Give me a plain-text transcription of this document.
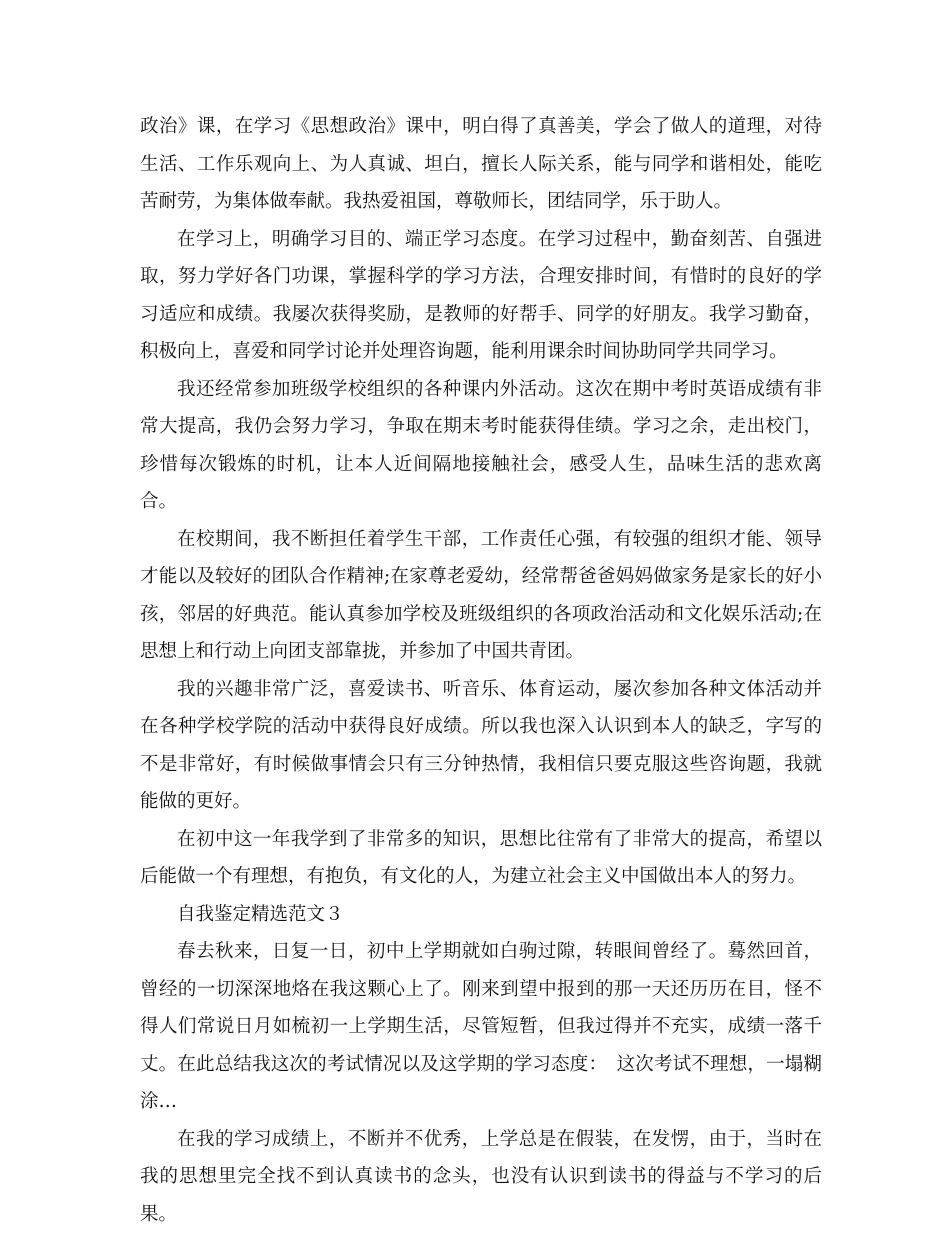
政治》课，在学习《思想政治》课中，明白得了真善美，学会了做人的道理，对待生活、工作乐观向上、为人真诚、坦白，擅长人际关系，能与同学和谐相处，能吃苦耐劳，为集体做奉献。我热爱祖国，尊敬师长，团结同学，乐于助人。

在学习上，明确学习目的、端正学习态度。在学习过程中，勤奋刻苦、自强进取，努力学好各门功课，掌握科学的学习方法，合理安排时间，有惜时的良好的学习适应和成绩。我屡次获得奖励，是教师的好帮手、同学的好朋友。我学习勤奋，积极向上，喜爱和同学讨论并处理咨询题，能利用课余时间协助同学共同学习。

我还经常参加班级学校组织的各种课内外活动。这次在期中考时英语成绩有非常大提高，我仍会努力学习，争取在期末考时能获得佳绩。学习之余，走出校门，珍惜每次锻炼的时机，让本人近间隔地接触社会，感受人生，品味生活的悲欢离合。

在校期间，我不断担任着学生干部，工作责任心强，有较强的组织才能、领导才能以及较好的团队合作精神;在家尊老爱幼，经常帮爸爸妈妈做家务是家长的好小孩，邻居的好典范。能认真参加学校及班级组织的各项政治活动和文化娱乐活动;在思想上和行动上向团支部靠拢，并参加了中国共青团。

我的兴趣非常广泛，喜爱读书、听音乐、体育运动，屡次参加各种文体活动并在各种学校学院的活动中获得良好成绩。所以我也深入认识到本人的缺乏，字写的不是非常好，有时候做事情会只有三分钟热情，我相信只要克服这些咨询题，我就能做的更好。

在初中这一年我学到了非常多的知识，思想比往常有了非常大的提高，希望以后能做一个有理想，有抱负，有文化的人，为建立社会主义中国做出本人的努力。

自我鉴定精选范文３

春去秋来，日复一日，初中上学期就如白驹过隙，转眼间曾经了。蓦然回首，曾经的一切深深地烙在我这颗心上了。刚来到望中报到的那一天还历历在目，怪不得人们常说日月如梳初一上学期生活，尽管短暂，但我过得并不充实，成绩一落千丈。在此总结我这次的考试情况以及这学期的学习态度：　这次考试不理想，一塌糊涂…

在我的学习成绩上，不断并不优秀，上学总是在假装，在发愣，由于，当时在我的思想里完全找不到认真读书的念头，也没有认识到读书的得益与不学习的后果。
